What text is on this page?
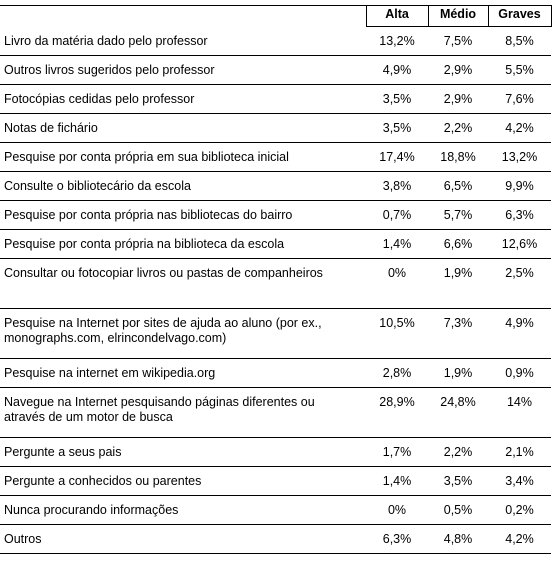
	Alta	Médio	Graves
Livro da matéria dado pelo professor	13,2%	7,5%	8,5%
Outros livros sugeridos pelo professor	4,9%	2,9%	5,5%
Fotocópias cedidas pelo professor	3,5%	2,9%	7,6%
Notas de fichário	3,5%	2,2%	4,2%
Pesquise por conta própria em sua biblioteca inicial	17,4%	18,8%	13,2%
Consulte o bibliotecário da escola	3,8%	6,5%	9,9%
Pesquise por conta própria nas bibliotecas do bairro	0,7%	5,7%	6,3%
Pesquise por conta própria na biblioteca da escola	1,4%	6,6%	12,6%
Consultar ou fotocopiar livros ou pastas de companheiros	0%	1,9%	2,5%
Pesquise na Internet por sites de ajuda ao aluno (por ex., monographs.com, elrincondelvago.com)	10,5%	7,3%	4,9%
Pesquise na internet em wikipedia.org	2,8%	1,9%	0,9%
Navegue na Internet pesquisando páginas diferentes ou através de um motor de busca	28,9%	24,8%	14%
Pergunte a seus pais	1,7%	2,2%	2,1%
Pergunte a conhecidos ou parentes	1,4%	3,5%	3,4%
Nunca procurando informações	0%	0,5%	0,2%
Outros	6,3%	4,8%	4,2%
